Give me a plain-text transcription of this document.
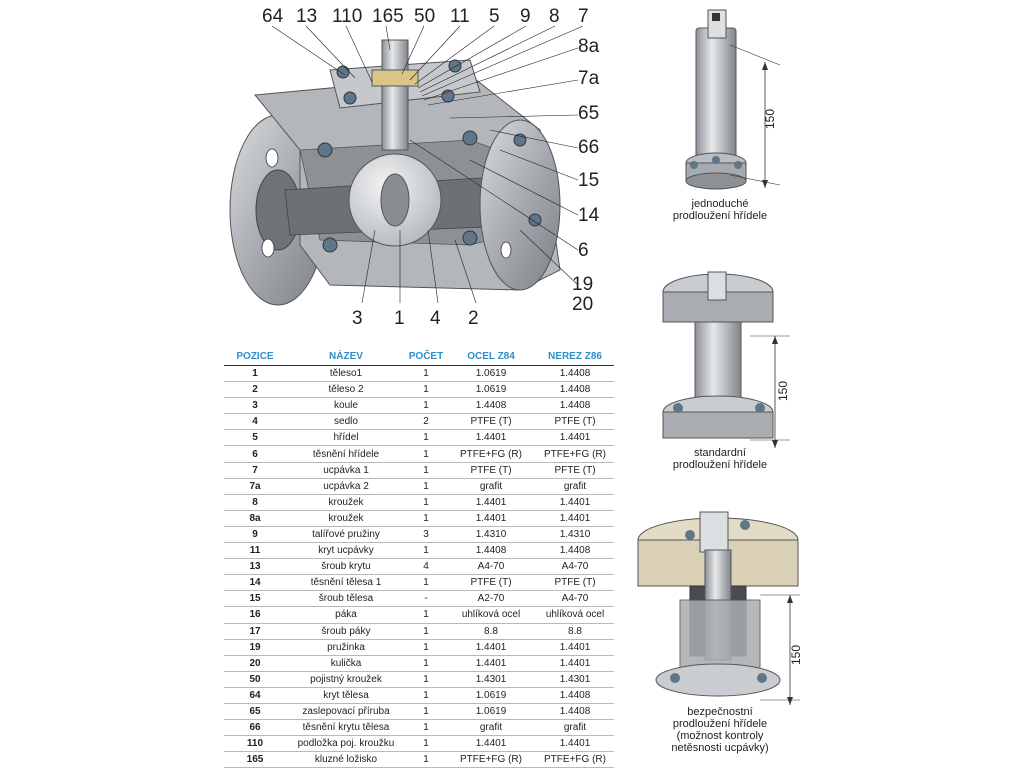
64 13 110 165 50 11 5 9 8 7
8a
7a
65
66
15
14
6
19
20
3 1 4 2
150
150
150
jednoduché
prodloužení hřídele
standardní
prodloužení hřídele
bezpečnostní
prodloužení hřídele
(možnost kontroly
netěsnosti ucpávky)
POZICE	NÁZEV	POČET	OCEL Z84	NEREZ Z86
1	těleso1	1	1.0619	1.4408
2	těleso 2	1	1.0619	1.4408
3	koule	1	1.4408	1.4408
4	sedlo	2	PTFE (T)	PTFE (T)
5	hřídel	1	1.4401	1.4401
6	těsnění hřídele	1	PTFE+FG (R)	PTFE+FG (R)
7	ucpávka 1	1	PTFE (T)	PFTE (T)
7a	ucpávka 2	1	grafit	grafit
8	kroužek	1	1.4401	1.4401
8a	kroužek	1	1.4401	1.4401
9	talířové pružiny	3	1.4310	1.4310
11	kryt ucpávky	1	1.4408	1.4408
13	šroub krytu	4	A4-70	A4-70
14	těsnění tělesa 1	1	PTFE (T)	PTFE (T)
15	šroub tělesa	-	A2-70	A4-70
16	páka	1	uhlíková ocel	uhlíková ocel
17	šroub páky	1	8.8	8.8
19	pružinka	1	1.4401	1.4401
20	kulička	1	1.4401	1.4401
50	pojistný kroužek	1	1.4301	1.4301
64	kryt tělesa	1	1.0619	1.4408
65	zaslepovací příruba	1	1.0619	1.4408
66	těsnění krytu tělesa	1	grafit	grafit
110	podložka poj. kroužku	1	1.4401	1.4401
165	kluzné ložisko	1	PTFE+FG (R)	PTFE+FG (R)
